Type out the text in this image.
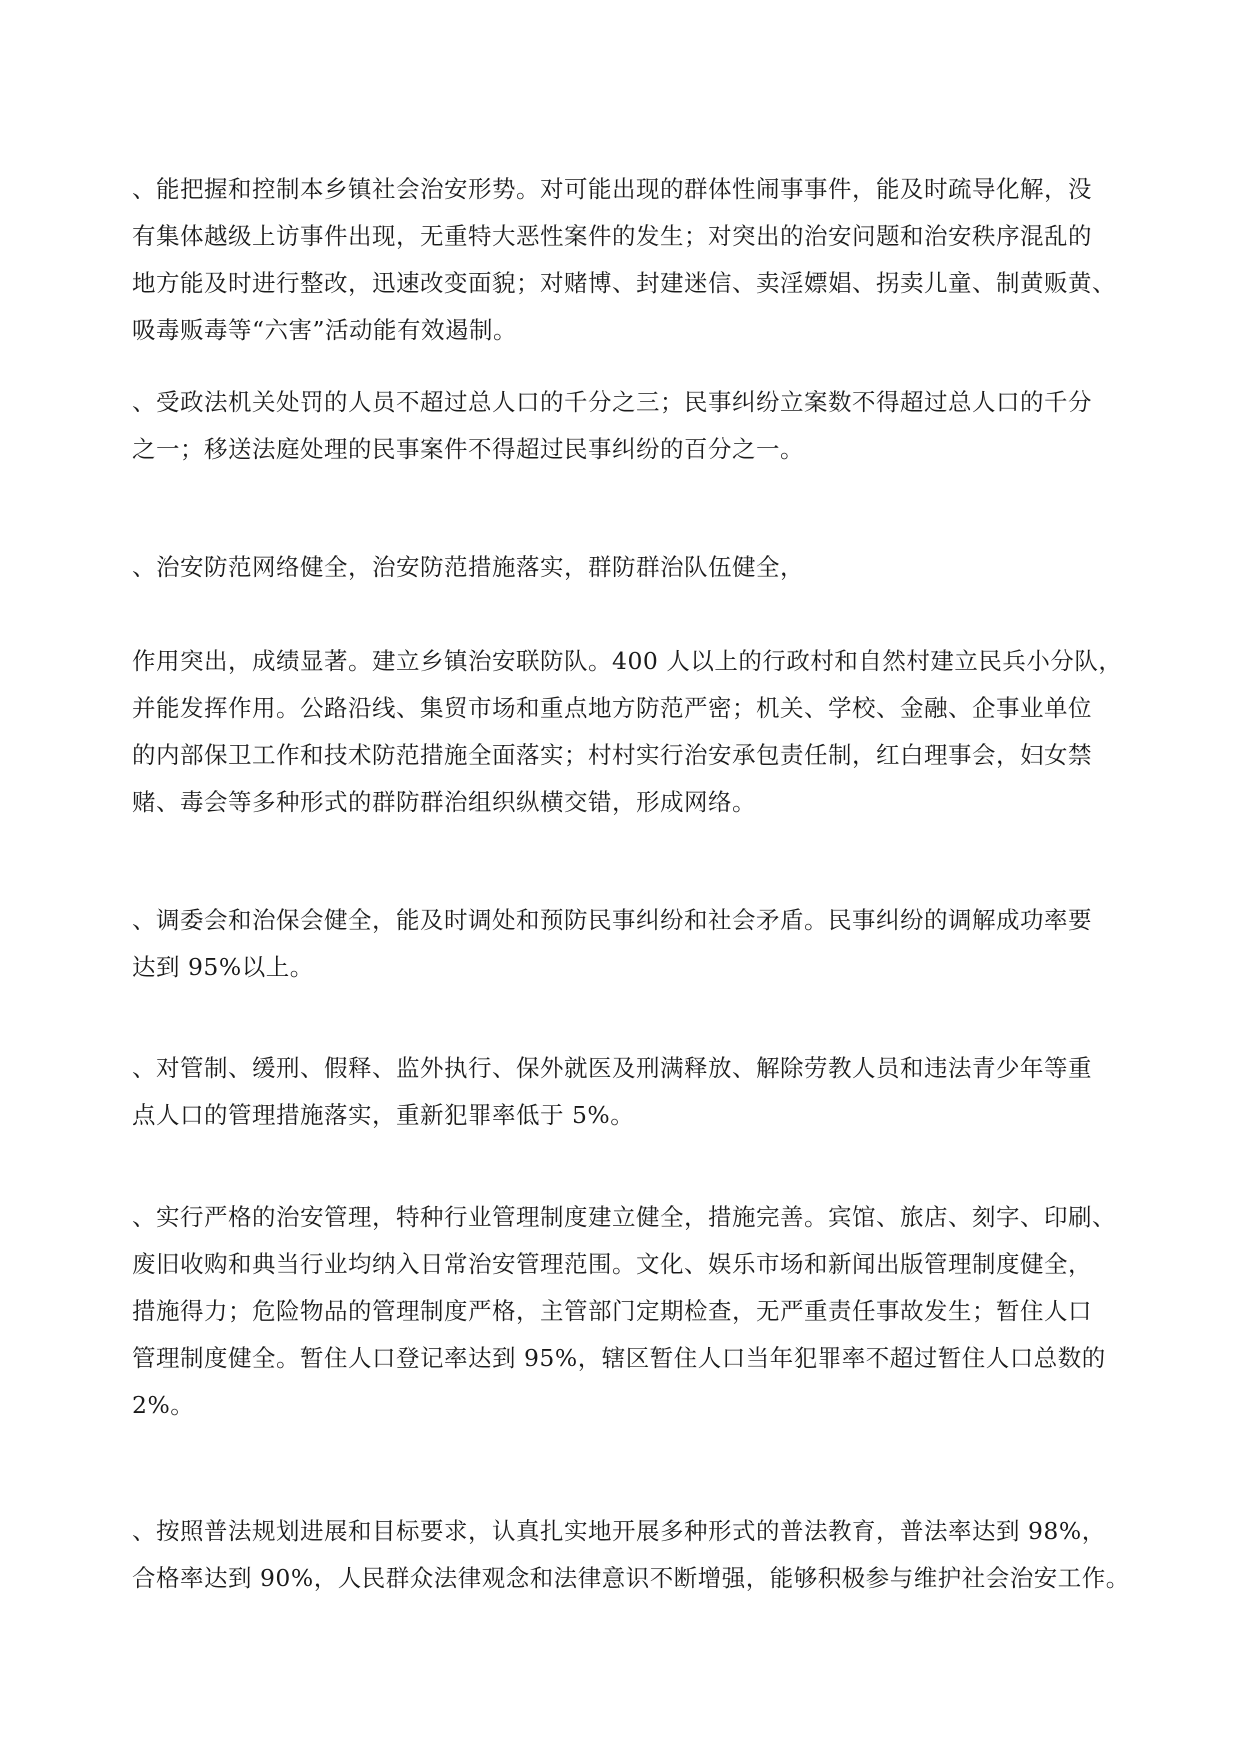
、能把握和控制本乡镇社会治安形势。对可能出现的群体性闹事事件，能及时疏导化解，没
有集体越级上访事件出现，无重特大恶性案件的发生；对突出的治安问题和治安秩序混乱的
地方能及时进行整改，迅速改变面貌；对赌博、封建迷信、卖淫嫖娼、拐卖儿童、制黄贩黄、
吸毒贩毒等“六害”活动能有效遏制。

、受政法机关处罚的人员不超过总人口的千分之三；民事纠纷立案数不得超过总人口的千分
之一；移送法庭处理的民事案件不得超过民事纠纷的百分之一。

、治安防范网络健全，治安防范措施落实，群防群治队伍健全，

作用突出，成绩显著。建立乡镇治安联防队。400 人以上的行政村和自然村建立民兵小分队，
并能发挥作用。公路沿线、集贸市场和重点地方防范严密；机关、学校、金融、企事业单位
的内部保卫工作和技术防范措施全面落实；村村实行治安承包责任制，红白理事会，妇女禁
赌、毒会等多种形式的群防群治组织纵横交错，形成网络。

、调委会和治保会健全，能及时调处和预防民事纠纷和社会矛盾。民事纠纷的调解成功率要
达到 95%以上。

、对管制、缓刑、假释、监外执行、保外就医及刑满释放、解除劳教人员和违法青少年等重
点人口的管理措施落实，重新犯罪率低于 5%。

、实行严格的治安管理，特种行业管理制度建立健全，措施完善。宾馆、旅店、刻字、印刷、
废旧收购和典当行业均纳入日常治安管理范围。文化、娱乐市场和新闻出版管理制度健全，
措施得力；危险物品的管理制度严格，主管部门定期检查，无严重责任事故发生；暂住人口
管理制度健全。暂住人口登记率达到 95%，辖区暂住人口当年犯罪率不超过暂住人口总数的
2%。

、按照普法规划进展和目标要求，认真扎实地开展多种形式的普法教育，普法率达到 98%，
合格率达到 90%，人民群众法律观念和法律意识不断增强，能够积极参与维护社会治安工作。
